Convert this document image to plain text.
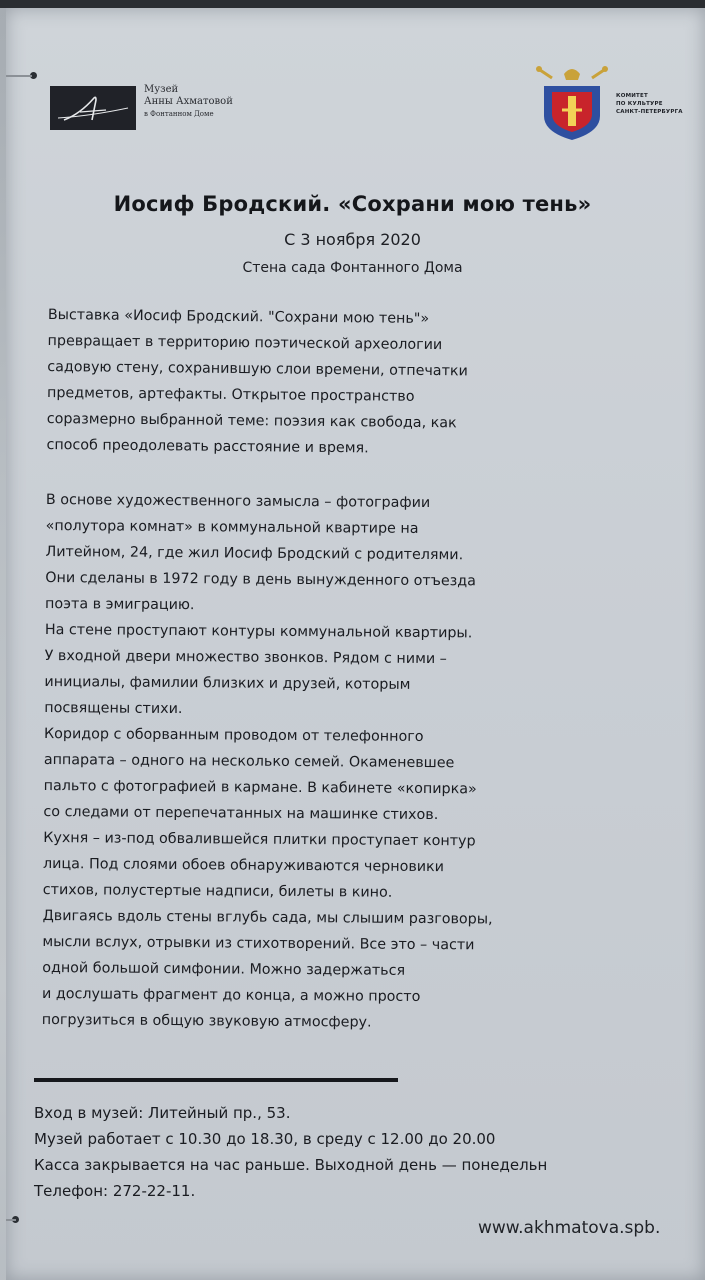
Музей
Анны Ахматовой
в Фонтанном Доме
КОМИТЕТ
ПО КУЛЬТУРЕ
САНКТ-ПЕТЕРБУРГА
Иосиф Бродский. «Сохрани мою тень»
С 3 ноября 2020
Стена сада Фонтанного Дома
Выставка «Иосиф Бродский. "Сохрани мою тень"»
превращает в территорию поэтической археологии
садовую стену, сохранившую слои времени, отпечатки
предметов, артефакты. Открытое пространство
соразмерно выбранной теме: поэзия как свобода, как
способ преодолевать расстояние и время.
В основе художественного замысла – фотографии
«полутора комнат» в коммунальной квартире на
Литейном, 24, где жил Иосиф Бродский с родителями.
Они сделаны в 1972 году в день вынужденного отъезда
поэта в эмиграцию.
На стене проступают контуры коммунальной квартиры.
У входной двери множество звонков. Рядом с ними –
инициалы, фамилии близких и друзей, которым
посвящены стихи.
Коридор с оборванным проводом от телефонного
аппарата – одного на несколько семей. Окаменевшее
пальто с фотографией в кармане. В кабинете «копирка»
со следами от перепечатанных на машинке стихов.
Кухня – из-под обвалившейся плитки проступает контур
лица. Под слоями обоев обнаруживаются черновики
стихов, полустертые надписи, билеты в кино.
Двигаясь вдоль стены вглубь сада, мы слышим разговоры,
мысли вслух, отрывки из стихотворений. Все это – части
одной большой симфонии. Можно задержаться
и дослушать фрагмент до конца, а можно просто
погрузиться в общую звуковую атмосферу.
Вход в музей: Литейный пр., 53.
Музей работает с 10.30 до 18.30, в среду с 12.00 до 20.00
Касса закрывается на час раньше. Выходной день — понедельн
Телефон: 272-22-11.
www.akhmatova.spb.
